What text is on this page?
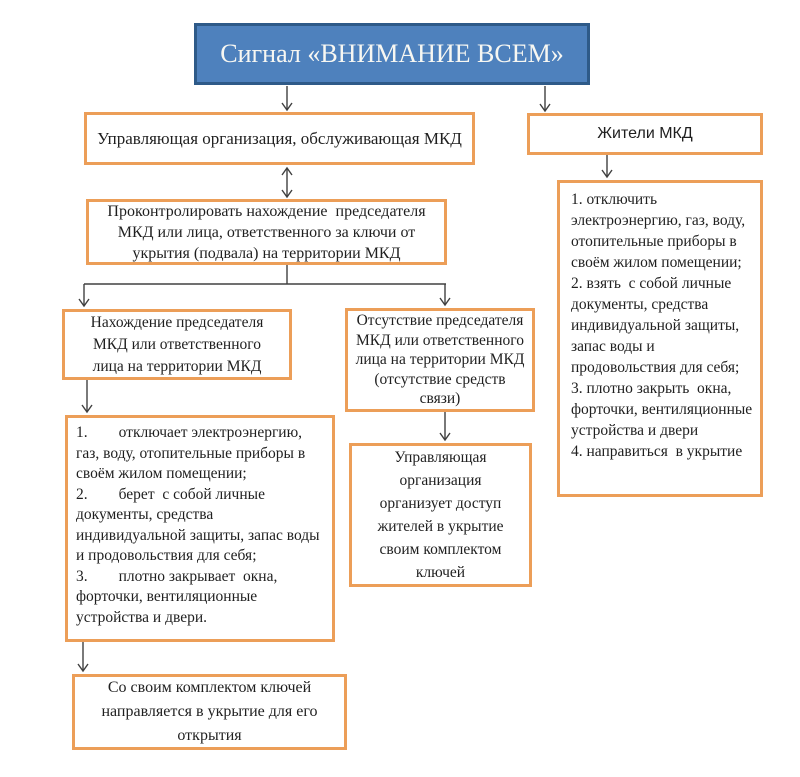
Сигнал «ВНИМАНИЕ ВСЕМ»
Управляющая организация, обслуживающая МКД	Жители МКД
Проконтролировать нахождение  председателя МКД или лица, ответственного за ключи от укрытия (подвала) на территории МКД
Нахождение председателя МКД или ответственного  лица на территории МКД
Отсутствие председателя МКД или ответственного лица на территории МКД (отсутствие средств связи)
1.        отключает электроэнергию, газ, воду, отопительные приборы в своём жилом помещении;
2.        берет  с собой личные документы, средства индивидуальной защиты, запас воды и продовольствия для себя;
3.        плотно закрывает  окна, форточки, вентиляционные устройства и двери.
Со своим комплектом ключей направляется в укрытие для его открытия
Управляющая организация организует доступ жителей в укрытие своим комплектом ключей
1. отключить электроэнергию, газ, воду, отопительные приборы в своём жилом помещении;
2. взять  с собой личные документы, средства индивидуальной защиты, запас воды и продовольствия для себя;
3. плотно закрыть  окна, форточки, вентиляционные устройства и двери
4. направиться  в укрытие
